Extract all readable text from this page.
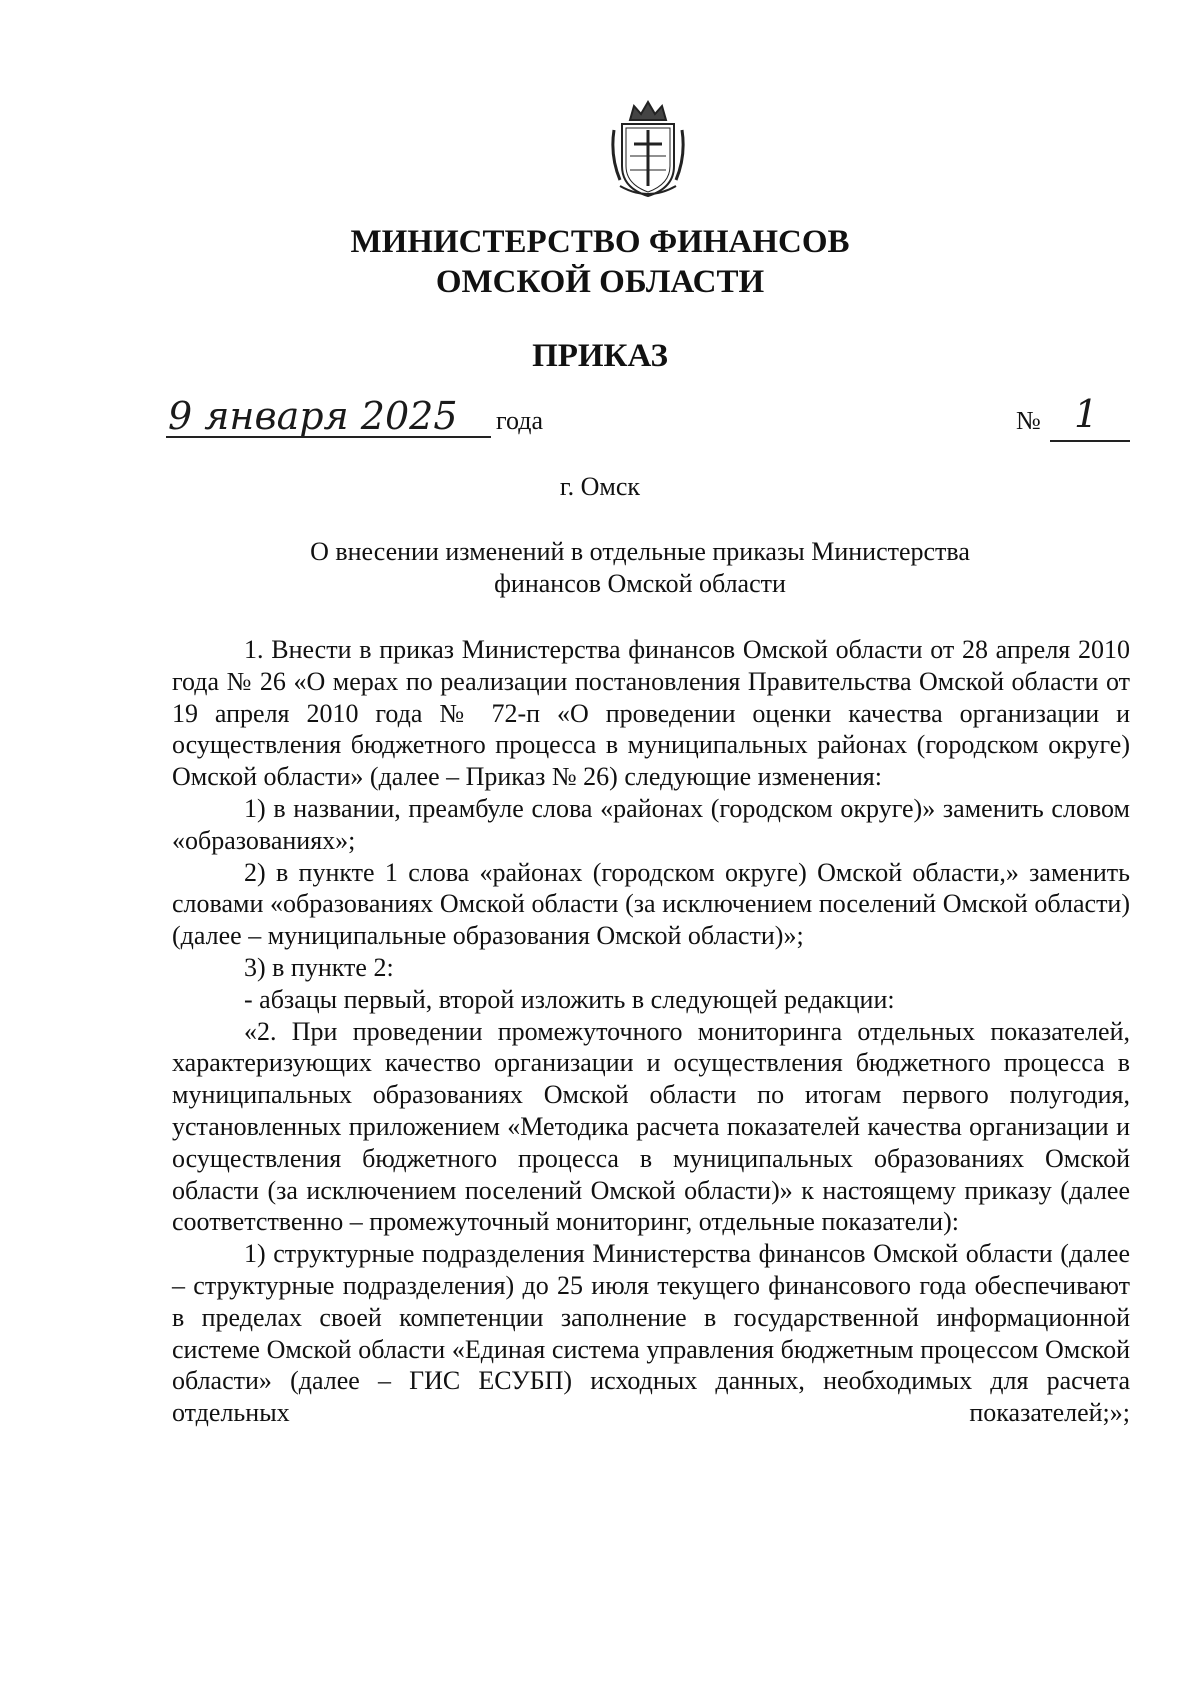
МИНИСТЕРСТВО ФИНАНСОВ
ОМСКОЙ ОБЛАСТИ
ПРИКАЗ
9 января 2025 года	№ 1
г. Омск
О внесении изменений в отдельные приказы Министерства
финансов Омской области

1. Внести в приказ Министерства финансов Омской области от 28 апреля 2010 года № 26 «О мерах по реализации постановления Правительства Омской области от 19 апреля 2010 года № 72-п «О проведении оценки качества организации и осуществления бюджетного процесса в муниципальных районах (городском округе) Омской области» (далее – Приказ № 26) следующие изменения:

1) в названии, преамбуле слова «районах (городском округе)» заменить словом «образованиях»;

2) в пункте 1 слова «районах (городском округе) Омской области,» заменить словами «образованиях Омской области (за исключением поселений Омской области) (далее – муниципальные образования Омской области)»;

3) в пункте 2:

- абзацы первый, второй изложить в следующей редакции:

«2. При проведении промежуточного мониторинга отдельных показателей, характеризующих качество организации и осуществления бюджетного процесса в муниципальных образованиях Омской области по итогам первого полугодия, установленных приложением «Методика расчета показателей качества организации и осуществления бюджетного процесса в муниципальных образованиях Омской области (за исключением поселений Омской области)» к настоящему приказу (далее соответственно – промежуточный мониторинг, отдельные показатели):

1) структурные подразделения Министерства финансов Омской области (далее – структурные подразделения) до 25 июля текущего финансового года обеспечивают в пределах своей компетенции заполнение в государственной информационной системе Омской области «Единая система управления бюджетным процессом Омской области» (далее – ГИС ЕСУБП) исходных данных, необходимых для расчета отдельных показателей;»;
